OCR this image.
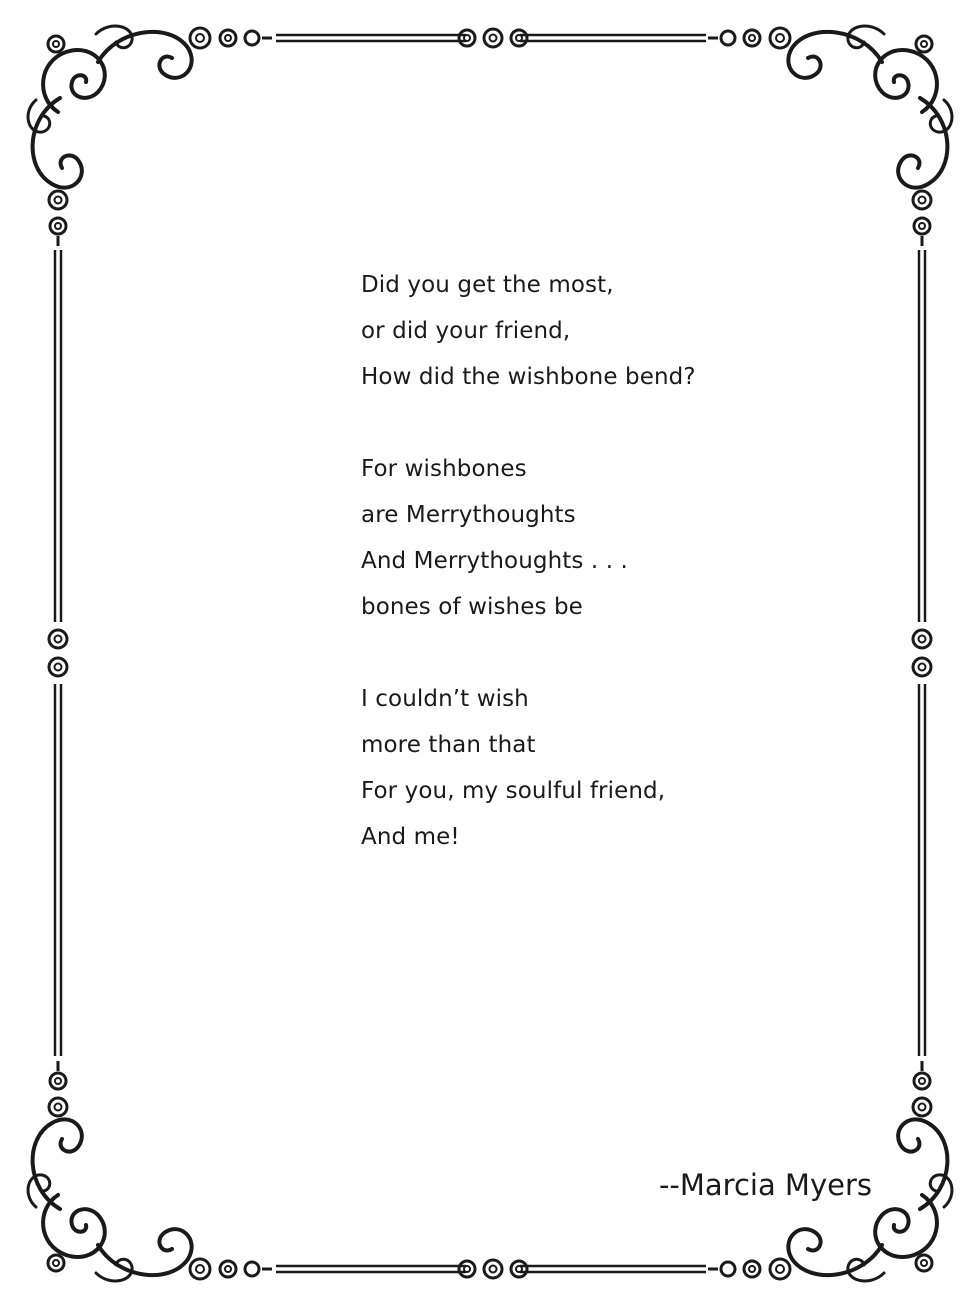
Did you get the most,
or did your friend,
How did the wishbone bend?
For wishbones
are Merrythoughts
And Merrythoughts . . .
bones of wishes be
I couldn’t wish
more than that
For you, my soulful friend,
And me!
--Marcia Myers
